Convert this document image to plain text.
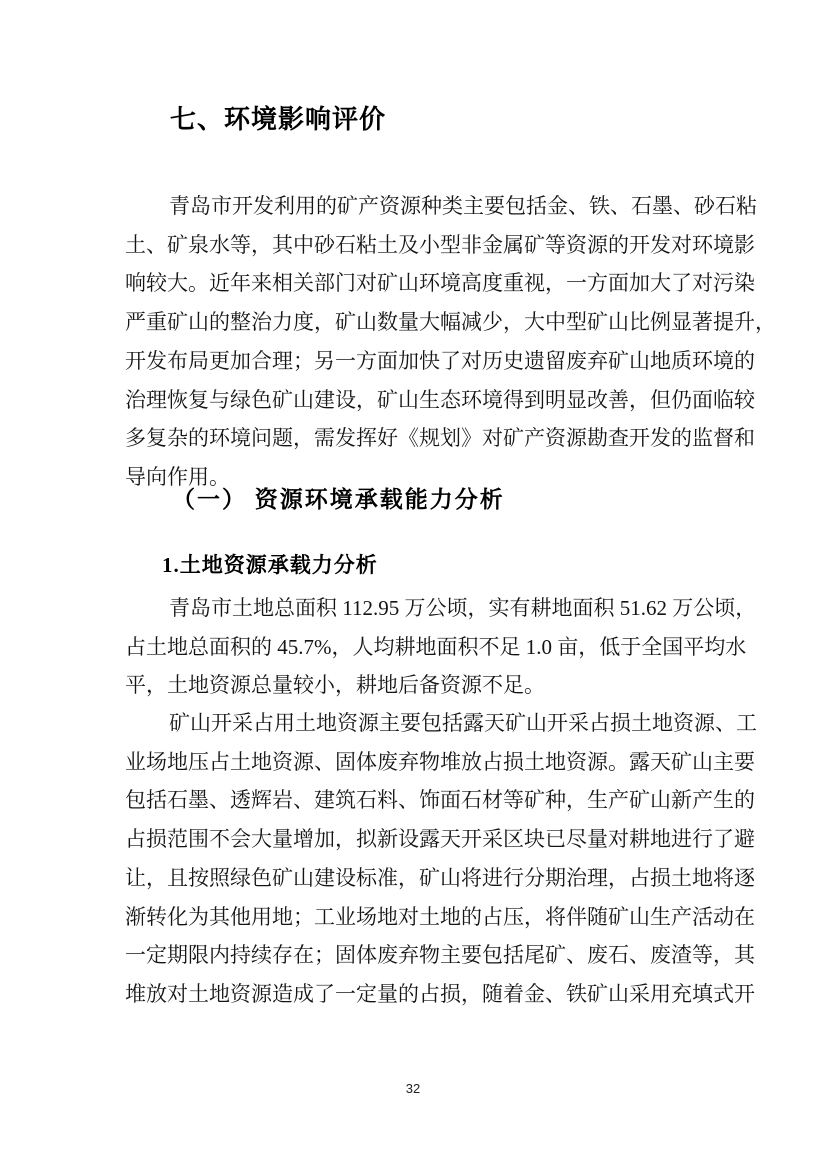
七、环境影响评价
青岛市开发利用的矿产资源种类主要包括金、铁、石墨、砂石粘
土、矿泉水等，其中砂石粘土及小型非金属矿等资源的开发对环境影
响较大。近年来相关部门对矿山环境高度重视，一方面加大了对污染
严重矿山的整治力度，矿山数量大幅减少，大中型矿山比例显著提升，
开发布局更加合理；另一方面加快了对历史遗留废弃矿山地质环境的
治理恢复与绿色矿山建设，矿山生态环境得到明显改善，但仍面临较
多复杂的环境问题，需发挥好《规划》对矿产资源勘查开发的监督和
导向作用。
（一） 资源环境承载能力分析
1.土地资源承载力分析
青岛市土地总面积 112.95 万公顷，实有耕地面积 51.62 万公顷，
占土地总面积的 45.7%，人均耕地面积不足 1.0 亩，低于全国平均水
平，土地资源总量较小，耕地后备资源不足。
矿山开采占用土地资源主要包括露天矿山开采占损土地资源、工
业场地压占土地资源、固体废弃物堆放占损土地资源。露天矿山主要
包括石墨、透辉岩、建筑石料、饰面石材等矿种，生产矿山新产生的
占损范围不会大量增加，拟新设露天开采区块已尽量对耕地进行了避
让，且按照绿色矿山建设标准，矿山将进行分期治理，占损土地将逐
渐转化为其他用地；工业场地对土地的占压，将伴随矿山生产活动在
一定期限内持续存在；固体废弃物主要包括尾矿、废石、废渣等，其
堆放对土地资源造成了一定量的占损，随着金、铁矿山采用充填式开
32
